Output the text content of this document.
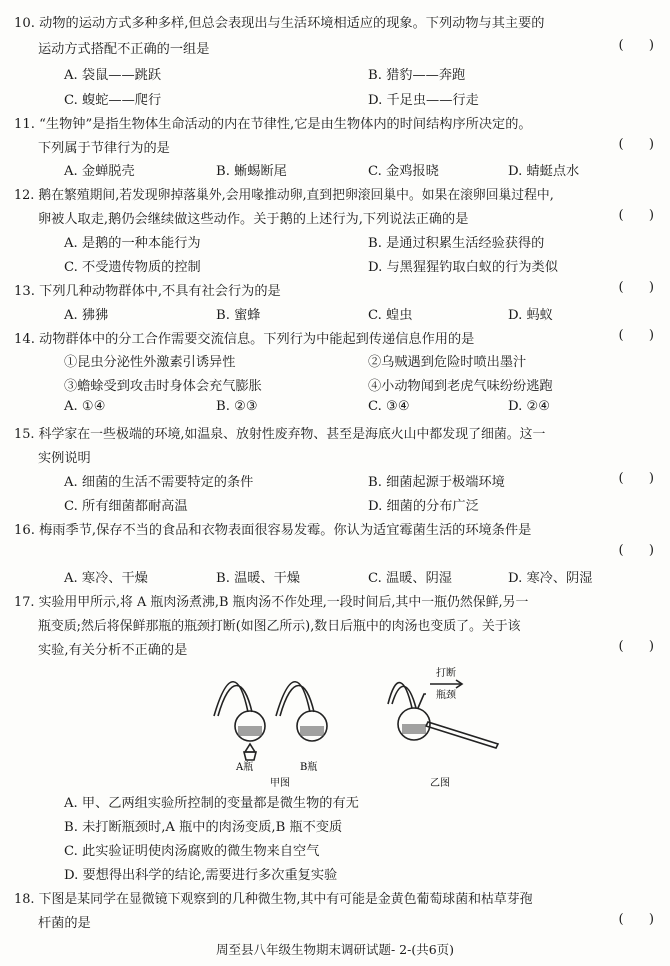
10. 动物的运动方式多种多样,但总会表现出与生活环境相适应的现象。下列动物与其主要的
运动方式搭配不正确的一组是	(      )
A. 袋鼠——跳跃	B. 猎豹——奔跑
C. 蝮蛇——爬行	D. 千足虫——行走
11. “生物钟”是指生物体生命活动的内在节律性,它是由生物体内的时间结构序所决定的。
下列属于节律行为的是	(      )
A. 金蝉脱壳	B. 蜥蜴断尾	C. 金鸡报晓	D. 蜻蜓点水
12. 鹅在繁殖期间,若发现卵掉落巢外,会用喙推动卵,直到把卵滚回巢中。如果在滚卵回巢过程中,
卵被人取走,鹅仍会继续做这些动作。关于鹅的上述行为,下列说法正确的是	(      )
A. 是鹅的一种本能行为	B. 是通过积累生活经验获得的
C. 不受遗传物质的控制	D. 与黑猩猩钓取白蚁的行为类似
13. 下列几种动物群体中,不具有社会行为的是	(      )
A. 狒狒	B. 蜜蜂	C. 蝗虫	D. 蚂蚁
14. 动物群体中的分工合作需要交流信息。下列行为中能起到传递信息作用的是	(      )
①昆虫分泌性外激素引诱异性	②乌贼遇到危险时喷出墨汁
③蟾蜍受到攻击时身体会充气膨胀	④小动物闻到老虎气味纷纷逃跑
A. ①④	B. ②③	C. ③④	D. ②④
15. 科学家在一些极端的环境,如温泉、放射性废弃物、甚至是海底火山中都发现了细菌。这一
实例说明
(      )
A. 细菌的生活不需要特定的条件	B. 细菌起源于极端环境
C. 所有细菌都耐高温	D. 细菌的分布广泛
16. 梅雨季节,保存不当的食品和衣物表面很容易发霉。你认为适宜霉菌生活的环境条件是
(      )
A. 寒冷、干燥	B. 温暖、干燥	C. 温暖、阴湿	D. 寒冷、阴湿
17. 实验用甲所示,将 A 瓶肉汤煮沸,B 瓶肉汤不作处理,一段时间后,其中一瓶仍然保鲜,另一
瓶变质;然后将保鲜那瓶的瓶颈打断(如图乙所示),数日后瓶中的肉汤也变质了。关于该
实验,有关分析不正确的是	(      )
A瓶	B瓶
甲图	乙图
打断
瓶颈
A. 甲、乙两组实验所控制的变量都是微生物的有无
B. 未打断瓶颈时,A 瓶中的肉汤变质,B 瓶不变质
C. 此实验证明使肉汤腐败的微生物来自空气
D. 要想得出科学的结论,需要进行多次重复实验
18. 下图是某同学在显微镜下观察到的几种微生物,其中有可能是金黄色葡萄球菌和枯草芽孢
杆菌的是	(      )
周至县八年级生物期末调研试题- 2-(共6页)
